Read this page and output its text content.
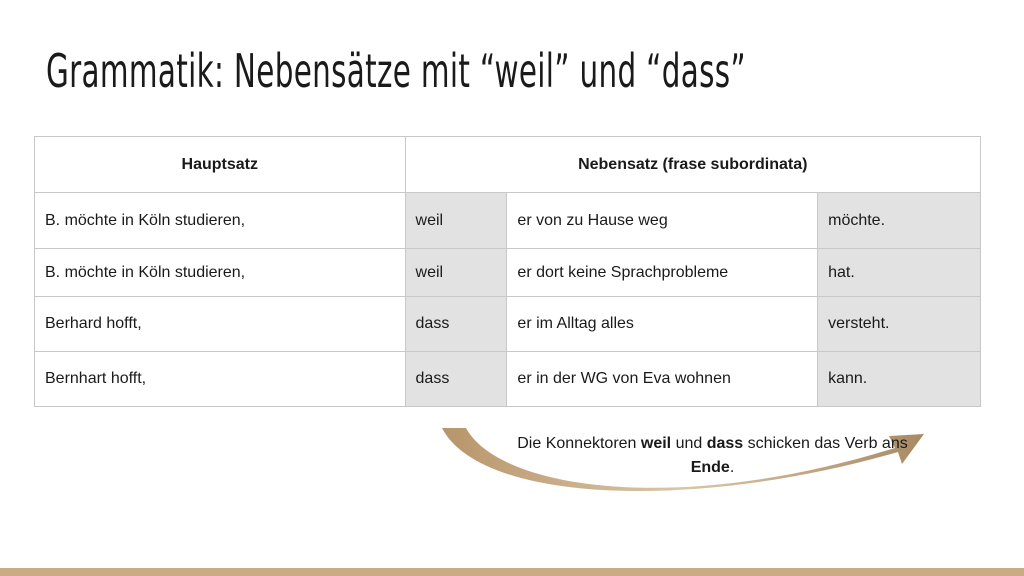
Grammatik: Nebensätze mit “weil” und “dass”
Hauptsatz	Nebensatz (frase subordinata)		
B. möchte in Köln studieren,	weil	er von zu Hause weg	möchte.
B. möchte in Köln studieren,	weil	er dort keine Sprachprobleme	hat.
Berhard hofft,	dass	er im Alltag alles	versteht.
Bernhart hofft,	dass	er in der WG von Eva wohnen	kann.
Die Konnektoren weil und dass schicken das Verb ans Ende.
